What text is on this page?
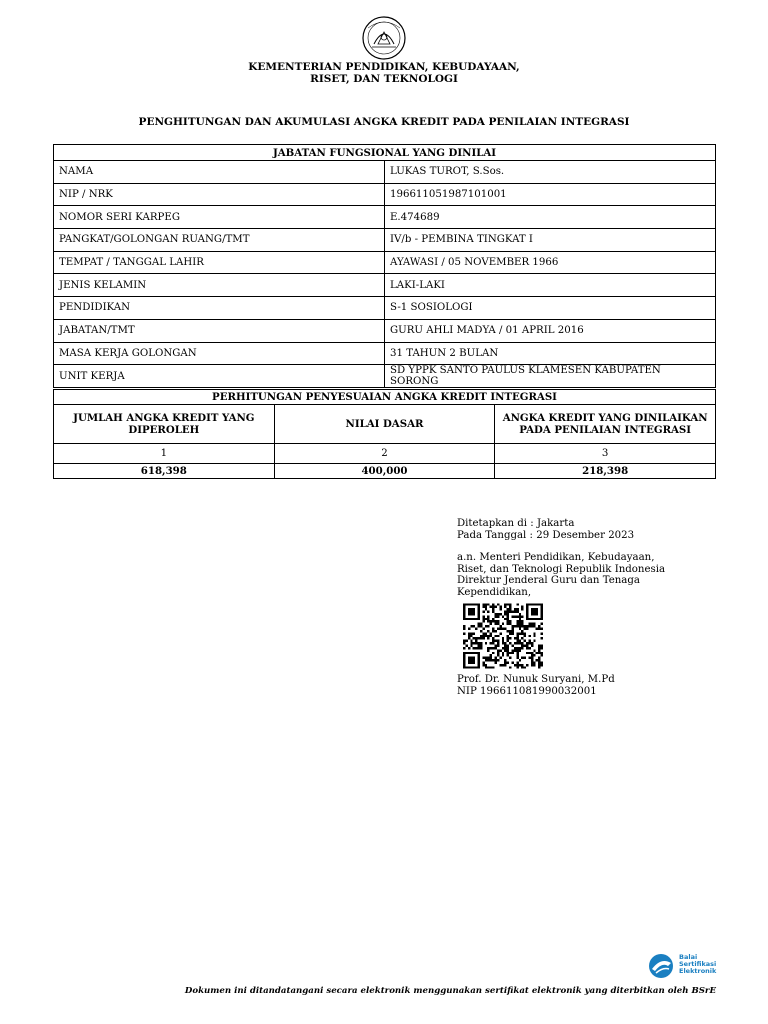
KEMENTERIAN PENDIDIKAN, KEBUDAYAAN,
RISET, DAN TEKNOLOGI
PENGHITUNGAN DAN AKUMULASI ANGKA KREDIT PADA PENILAIAN INTEGRASI
JABATAN FUNGSIONAL YANG DINILAI	
NAMA	LUKAS TUROT, S.Sos.
NIP / NRK	196611051987101001
NOMOR SERI KARPEG	E.474689
PANGKAT/GOLONGAN RUANG/TMT	IV/b - PEMBINA TINGKAT I
TEMPAT / TANGGAL LAHIR	AYAWASI / 05 NOVEMBER 1966
JENIS KELAMIN	LAKI-LAKI
PENDIDIKAN	S-1 SOSIOLOGI
JABATAN/TMT	GURU AHLI MADYA / 01 APRIL 2016
MASA KERJA GOLONGAN	31 TAHUN 2 BULAN
UNIT KERJA	SD YPPK SANTO PAULUS KLAMESEN KABUPATEN SORONG
PERHITUNGAN PENYESUAIAN ANGKA KREDIT INTEGRASI		
JUMLAH ANGKA KREDIT YANG DIPEROLEH	NILAI DASAR	ANGKA KREDIT YANG DINILAIKAN PADA PENILAIAN INTEGRASI
1	2	3
618,398	400,000	218,398
Ditetapkan di : Jakarta
Pada Tanggal : 29 Desember 2023
a.n. Menteri Pendidikan, Kebudayaan,
Riset, dan Teknologi Republik Indonesia
Direktur Jenderal Guru dan Tenaga
Kependidikan,
Prof. Dr. Nunuk Suryani, M.Pd
NIP 196611081990032001
Balai
Sertifikasi
Elektronik
Dokumen ini ditandatangani secara elektronik menggunakan sertifikat elektronik yang diterbitkan oleh BSrE
